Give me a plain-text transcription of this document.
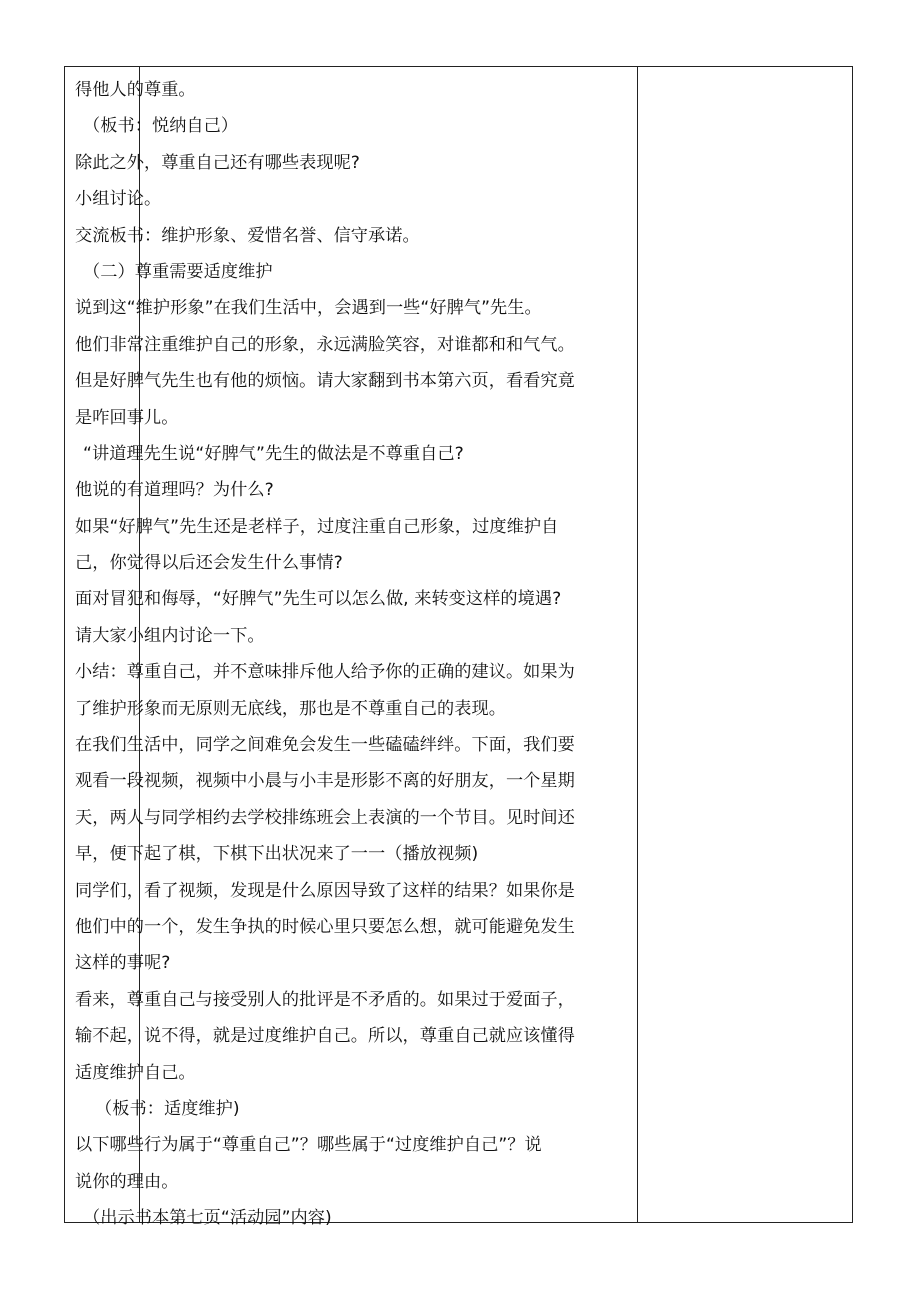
得他人的尊重。
（板书：悦纳自己）
除此之外，尊重自己还有哪些表现呢?
小组讨论。
交流板书：维护形象、爱惜名誉、信守承诺。
（二）尊重需要适度维护
说到这“维护形象”在我们生活中，会遇到一些“好脾气”先生。
他们非常注重维护自己的形象，永远满脸笑容，对谁都和和气气。
但是好脾气先生也有他的烦恼。请大家翻到书本第六页，看看究竟
是咋回事儿。
“讲道理先生说“好脾气”先生的做法是不尊重自己?
他说的有道理吗？为什么?
如果“好脾气”先生还是老样子，过度注重自己形象，过度维护自
己，你觉得以后还会发生什么事情?
面对冒犯和侮辱，“好脾气”先生可以怎么做, 来转变这样的境遇?
请大家小组内讨论一下。
小结：尊重自己，并不意味排斥他人给予你的正确的建议。如果为
了维护形象而无原则无底线，那也是不尊重自己的表现。
在我们生活中，同学之间难免会发生一些磕磕绊绊。下面，我们要
观看一段视频，视频中小晨与小丰是形影不离的好朋友，一个星期
天，两人与同学相约去学校排练班会上表演的一个节目。见时间还
早，便下起了棋，下棋下出状况来了一一（播放视频)
同学们，看了视频，发现是什么原因导致了这样的结果？如果你是
他们中的一个，发生争执的时候心里只要怎么想，就可能避免发生
这样的事呢?
看来，尊重自己与接受别人的批评是不矛盾的。如果过于爱面子，
输不起，说不得，就是过度维护自己。所以，尊重自己就应该懂得
适度维护自己。
（板书：适度维护)
以下哪些行为属于“尊重自己”？哪些属于“过度维护自己”？说
说你的理由。
（出示书本第七页“活动园”内容)
